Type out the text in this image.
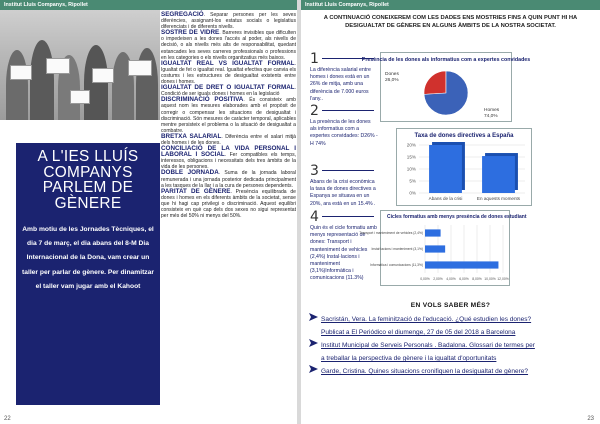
Institut Lluís Companys, Ripollet
A L'IES LLUÍS
COMPANYS
PARLEM DE
GÈNERE
Amb motiu de les Jornades Tècniques, el dia 7 de març, el dia abans del 8-M Dia Internacional de la Dona, vam crear un taller per parlar de gènere. Per dinamitzar el taller vam jugar amb el Kahoot

SEGREGACIÓ. Separar persones per les seves diferències, assignant-los estatus socials o legislatius diferenciats i de diferents nivells.

SOSTRE DE VIDRE. Barreres invisibles que dificulten o impedeixen a les dones l'accés al poder, als nivells de decisió, o als nivells més alts de responsabilitat, quedant estancades les seves carreres professionals o professions en les categories o els nivells organitzatius més baixos.

IGUALTAT REAL VS IGUALTAT FORMAL. Igualtat de fet o igualtat real. Igualtat efectiva que canvia els costums i les estructures de desigualtat existents entre dones i homes.

IGUALTAT DE DRET O IGUALTAT FORMAL. Condició de ser iguals dones i homes en la legislació

DISCRIMINACIÓ POSITIVA. És consisteix amb aquest nom les mesures elaborades amb el propòsit de corregir o compensar les situacions de desigualtat i discriminació. Són mesures de caràcter temporal, aplicables mentre persisteix el problema o la situació de desigualtat a combatre.

BRETXA SALARIAL. Diferència entre el salari mitjà dels homes i de les dones.

CONCILIACIÓ DE LA VIDA PERSONAL I LABORAL I SOCIAL. Fer compatibles els temps, interessos, obligacions i necessitats dels tres àmbits de la vida de les persones.

DOBLE JORNADA. Suma de la jornada laboral remunerada i una jornada posterior dedicada principalment a les tasques de la llar i a la cura de persones dependents.

PARITAT DE GÈNERE. Presència equilibrada de dones i homes en els diferents àmbits de la societat, sense que hi hagi cap privilegi o discriminació. Aquest equilibri consisteix en què cap dels dos sexes no sigui representat per més del 50% ni menys del 50%.

22
Institut Lluís Companys, Ripollet
A CONTINUACIÓ CONEIXEREM COM LES DADES ENS MOSTRIES FINS A QUIN PUNT HI HA DESIGUALTAT DE GÈNERE EN ALGUNS ÀMBITS DE LA NOSTRA SOCIETAT.
1
La diferència salarial entre homes i dones està en un 26% de mitja, amb una diferència de 7.000 euros l'any..
2
La presència de les dones als informatius com a expertes convidades: D26% - H 74%
3
Abans de la crisi econòmica la taxa de dones directives a Espanya se situava en un 20%, ara està en un 15.4% .
4
Quin és el cicle formatiu amb menys representació de dones: Transport i manteniment de vehicles (2,4%) Instal·lacions i manteniment (3,1%)Informàtica i comunicacions (11.3%)
Presència de les dones als informatius com a expertes convidades
Dones
26,0%
Homes
74,0%
Taxa de dones directives a España
0%
5%
10%
15%
20%
Abans de la crisi	En aquests moments
Cicles formatius amb menys presència de dones estudiant
0,00% 2,00% 4,00% 6,00% 8,00% 10,00% 12,00%
Transport i manteniment de vehicles (2,4%)
Instal·lacions i manteniment (3,1%)
Informàtica i comunicacions (11,3%)
EN VOLS SABER MÉS?
Sacristán, Vera. La feminització de l'educació. ¿Qué estudien les dones?
Publicat a El Periódico el diumenge, 27 de 05 del 2018 a Barcelona
Institut Municipal de Serveis Personals . Badalona. Glossari de termes per
a treballar la perspectiva de gènere i la igualtat d'oportunitats
Garde, Cristina. Quines situacions cronifiquen la desigualtat de gènere?
23
